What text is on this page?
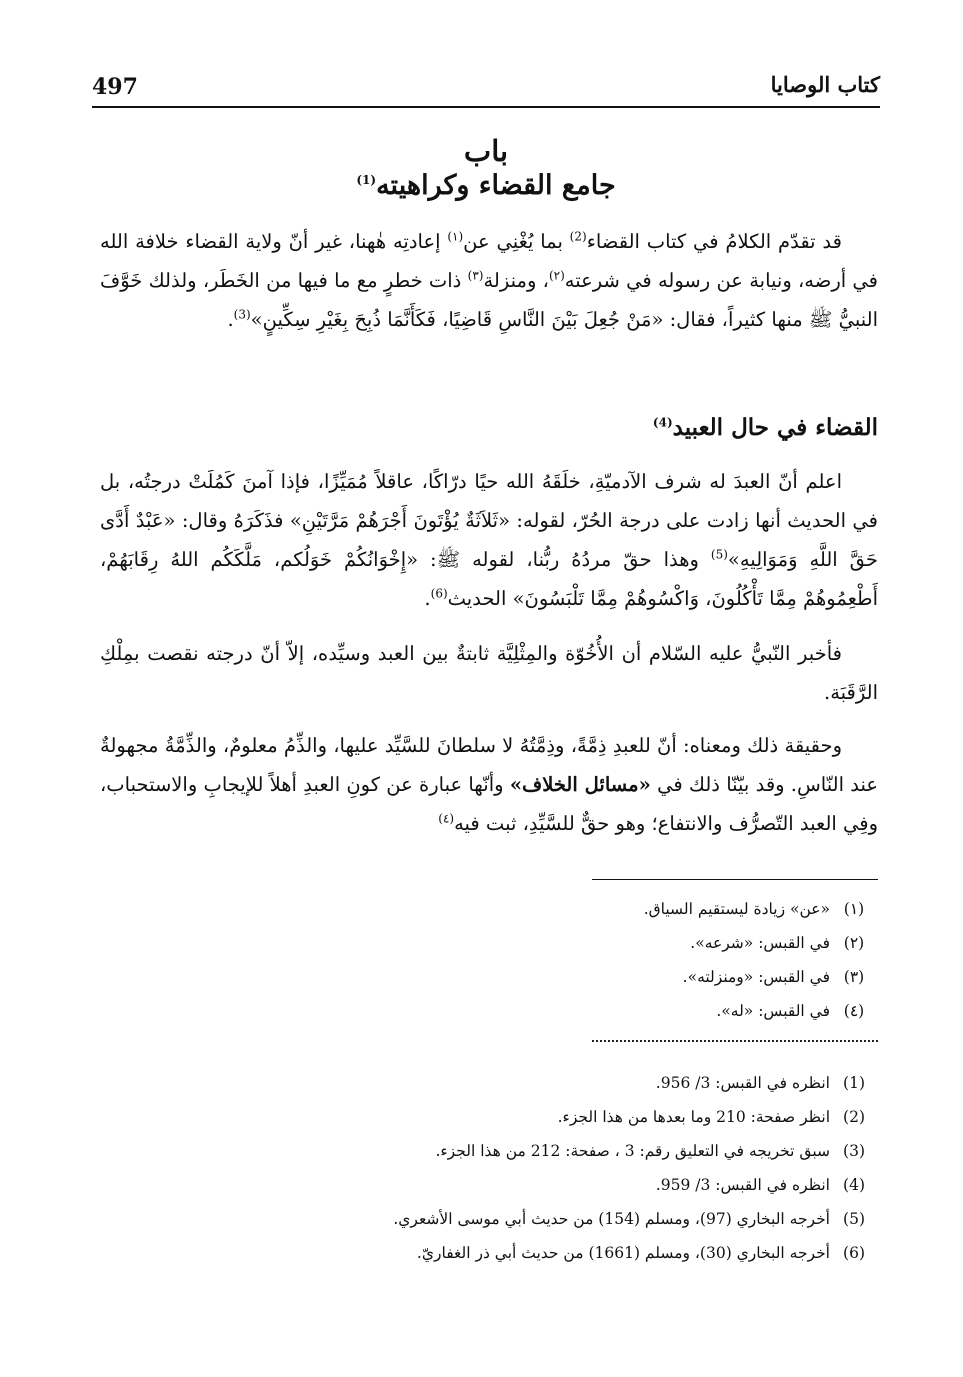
497	كتاب الوصايا
باب
جامع القضاء وكراهيته$^{(1)}$

قد تقدّم الكلامُ في كتاب القضاء$^{(2)}$ بما يُغْنِي عن$^{(١)}$ إعادتِه هٰهنا، غير أنّ ولاية القضاء خلافة الله في أرضه، ونيابة عن رسوله في شرعته$^{(٢)}$، ومنزلة$^{(٣)}$ ذات خطرٍ مع ما فيها من الخَطَر، ولذلك خَوَّفَ النبيُّ ﷺ منها كثيراً، فقال: «مَنْ جُعِلَ بَيْنَ النَّاسِ قَاضِيًا، فَكَأَنَّمَا ذُبِحَ بِغَيْرِ سِكِّينٍ»$^{(3)}$.

القضاء في حال العبيد$^{(4)}$

اعلم أنّ العبدَ له شرف الآدميّةِ، خلَقَهُ الله حيًا درّاكًا، عاقلاً مُمَيِّزًا، فإذا آمنَ كَمُلَتْ درجتُه، بل في الحديث أنها زادت على درجة الحُرّ، لقوله: «ثَلاَثَةٌ يُؤْتَونَ أَجْرَهُمْ مَرَّتَيْنِ» فذَكَرَهُ وقال: «عَبْدٌ أَدَّى حَقَّ اللَّهِ وَمَوَالِيهِ»$^{(5)}$ وهذا حقّ مردُهُ ربُّنا، لقوله ﷺ: «إِخْوَانُكُمْ خَوَلُكم، مَلَّكَكُم اللهُ رِقَابَهُمْ، أَطْعِمُوهُمْ مِمَّا تَأْكُلُونَ، وَاكْسُوهُمْ مِمَّا تَلْبَسُونَ» الحديث$^{(6)}$.

فأخبر النّبيُّ عليه السّلام أن الأُخُوّة والمِثْلِيَّة ثابتةٌ بين العبد وسيِّده، إلاّ أنّ درجته نقصت بمِلْكِ الرَّقَبَة.

وحقيقة ذلك ومعناه: أنّ للعبدِ ذِمَّةً، وذِمَّتُهُ لا سلطانَ للسَّيِّد عليها، والذِّمُ معلومٌ، والذِّمَّةُ مجهولةٌ عند النّاسِ. وقد بيّنّا ذلك في «مسائل الخلاف» وأنّها عبارة عن كونِ العبدِ أهلاً للإيجابِ والاستحباب، وفِي العبد التّصرُّف والانتفاع؛ وهو حقٌّ للسَّيِّدِ، ثبت فيه$^{(٤)}$

(١)
«عن» زيادة ليستقيم السياق.
(٢)
في القبس: «شرعه».
(٣)
في القبس: «ومنزلته».
(٤)
في القبس: «له».
(1)
انظره في القبس: 3/ 956.
(2)
انظر صفحة: 210 وما بعدها من هذا الجزء.
(3)
سبق تخريجه في التعليق رقم: 3 ، صفحة: 212 من هذا الجزء.
(4)
انظره في القبس: 3/ 959.
(5)
أخرجه البخاري (97)، ومسلم (154) من حديث أبي موسى الأشعري.
(6)
أخرجه البخاري (30)، ومسلم (1661) من حديث أبي ذر الغفاريّ.
